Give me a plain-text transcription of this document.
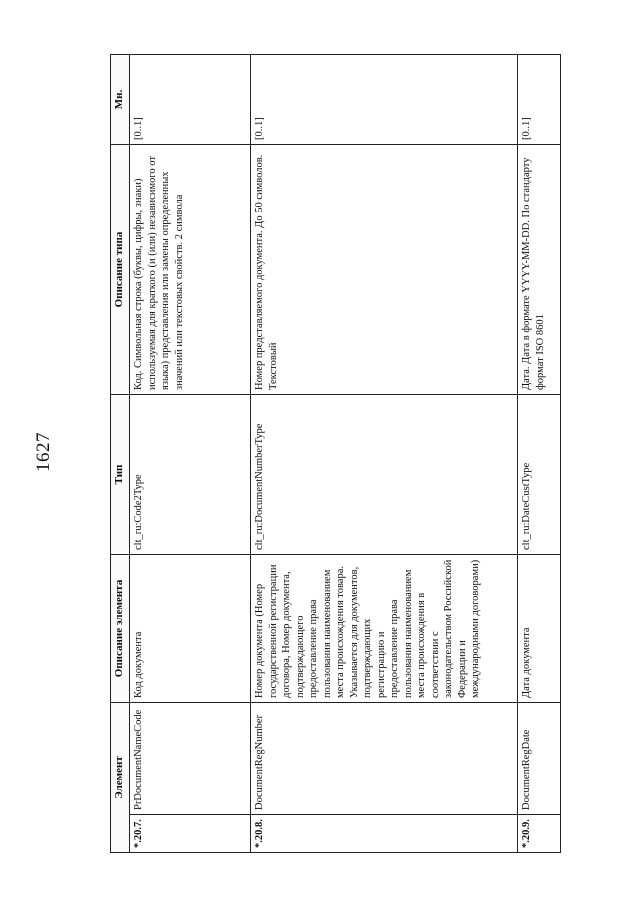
1627
Элемент		Описание элемента	Тип	Описание типа	Мн.
*.20.7.	PrDocumentNameCode	Код документа	clt_ru:Code2Type	Код. Символьная строка (буквы, цифры, знаки) используемая для краткого (и (или) независимого от языка) представления или замены определенных значений или текстовых свойств. 2 символа	[0..1]
*.20.8.	DocumentRegNumber	Номер документа (Номер государственной регистрации договора, Номер документа, подтверждающего предоставление права пользования наименованием места происхождения товара. Указывается для документов, подтверждающих регистрацию и предоставление права пользования наименованием места происхождения в соответствии с законодательством Российской Федерации и международными договорами)	clt_ru:DocumentNumberType	Номер представляемого документа. До 50 символов. Текстовый	[0..1]
*.20.9.	DocumentRegDate	Дата документа	clt_ru:DateCustType	Дата. Дата в формате YYYY-MM-DD. По стандарту формат ISO 8601	[0..1]
